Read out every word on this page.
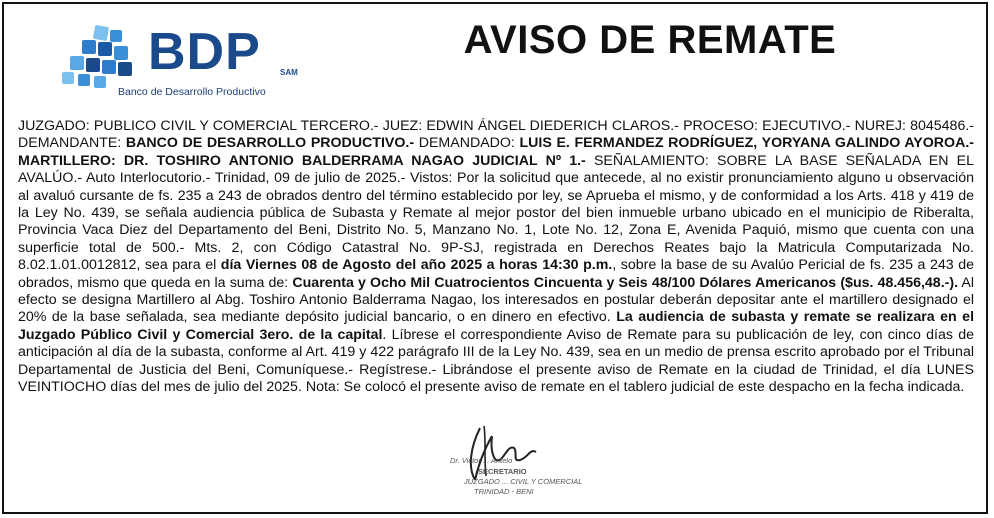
BDP SAM
Banco de Desarrollo Productivo
AVISO DE REMATE
JUZGADO: PUBLICO CIVIL Y COMERCIAL TERCERO.- JUEZ: EDWIN ÁNGEL DIEDERICH CLAROS.- PROCESO: EJECUTIVO.- NUREJ: 8045486.- DEMANDANTE: BANCO DE DESARROLLO PRODUCTIVO.- DEMANDADO: LUIS E. FERMANDEZ RODRÍGUEZ, YORYANA GALINDO AYOROA.- MARTILLERO: DR. TOSHIRO ANTONIO BALDERRAMA NAGAO JUDICIAL Nº 1.- SEÑALAMIENTO: SOBRE LA BASE SEÑALADA EN EL AVALÚO.- Auto Interlocutorio.- Trinidad, 09 de julio de 2025.- Vistos: Por la solicitud que antecede, al no existir pronunciamiento alguno u observación al avaluó cursante de fs. 235 a 243 de obrados dentro del término establecido por ley, se Aprueba el mismo, y de conformidad a los Arts. 418 y 419 de la Ley No. 439, se señala audiencia pública de Subasta y Remate al mejor postor del bien inmueble urbano ubicado en el municipio de Riberalta, Provincia Vaca Diez del Departamento del Beni, Distrito No. 5, Manzano No. 1, Lote No. 12, Zona E, Avenida Paquió, mismo que cuenta con una superficie total de 500.- Mts. 2, con Código Catastral No. 9P-SJ, registrada en Derechos Reates bajo la Matricula Computarizada No. 8.02.1.01.0012812, sea para el día Viernes 08 de Agosto del año 2025 a horas 14:30 p.m., sobre la base de su Avalúo Pericial de fs. 235 a 243 de obrados, mismo que queda en la suma de: Cuarenta y Ocho Mil Cuatrocientos Cincuenta y Seis 48/100 Dólares Americanos ($us. 48.456,48.-). Al efecto se designa Martillero al Abg. Toshiro Antonio Balderrama Nagao, los interesados en postular deberán depositar ante el martillero designado el 20% de la base señalada, sea mediante depósito judicial bancario, o en dinero en efectivo. La audiencia de subasta y remate se realizara en el Juzgado Público Civil y Comercial 3ero. de la capital. Líbrese el correspondiente Aviso de Remate para su publicación de ley, con cinco días de anticipación al día de la subasta, conforme al Art. 419 y 422 parágrafo III de la Ley No. 439, sea en un medio de prensa escrito aprobado por el Tribunal Departamental de Justicia del Beni, Comuníquese.- Regístrese.- Librándose el presente aviso de Remate en la ciudad de Trinidad, el día LUNES VEINTIOCHO días del mes de julio del 2025. Nota: Se colocó el presente aviso de remate en el tablero judicial de este despacho en la fecha indicada.
Dr. Victor ... Antelo
SECRETARIO
JUZGADO ... CIVIL Y COMERCIAL
TRINIDAD - BENI
